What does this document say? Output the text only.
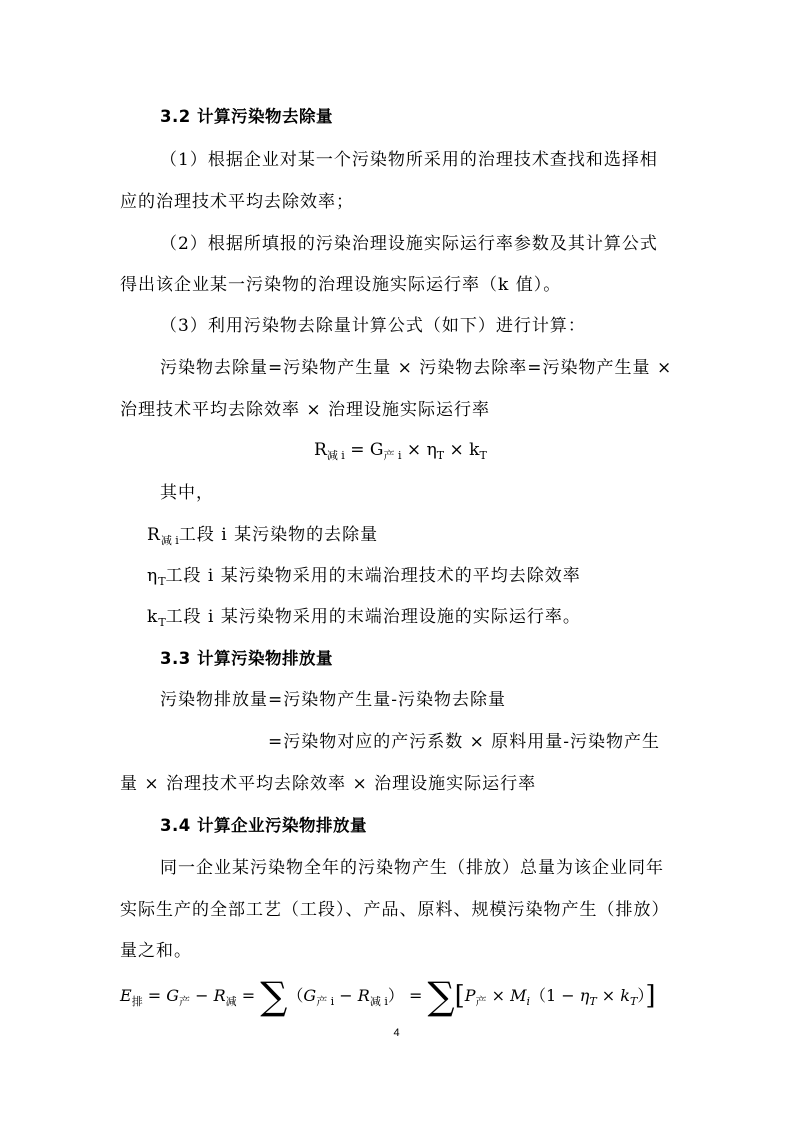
3.2 计算污染物去除量
（1）根据企业对某一个污染物所采用的治理技术查找和选择相
应的治理技术平均去除效率；
（2）根据所填报的污染治理设施实际运行率参数及其计算公式
得出该企业某一污染物的治理设施实际运行率（k 值）。
（3）利用污染物去除量计算公式（如下）进行计算：
污染物去除量=污染物产生量 × 污染物去除率=污染物产生量 ×
治理技术平均去除效率 × 治理设施实际运行率
$R_{减 i} = G_{产 i} \times \eta_T \times k_T$
其中，
$R_{减 i}$工段 i 某污染物的去除量
$\eta_T$工段 i 某污染物采用的末端治理技术的平均去除效率
$k_T$工段 i 某污染物采用的末端治理设施的实际运行率。
3.3 计算污染物排放量
污染物排放量=污染物产生量-污染物去除量
=污染物对应的产污系数 × 原料用量-污染物产生
量 × 治理技术平均去除效率 × 治理设施实际运行率
3.4 计算企业污染物排放量
同一企业某污染物全年的污染物产生（排放）总量为该企业同年
实际生产的全部工艺（工段）、产品、原料、规模污染物产生（排放）
量之和。
$E_排 = G_产 - R_减 = \sum(G_{产 i} - R_{减 i}) = \sum[P_产 \times M_i(1 - \eta_T \times k_T)]$
4
